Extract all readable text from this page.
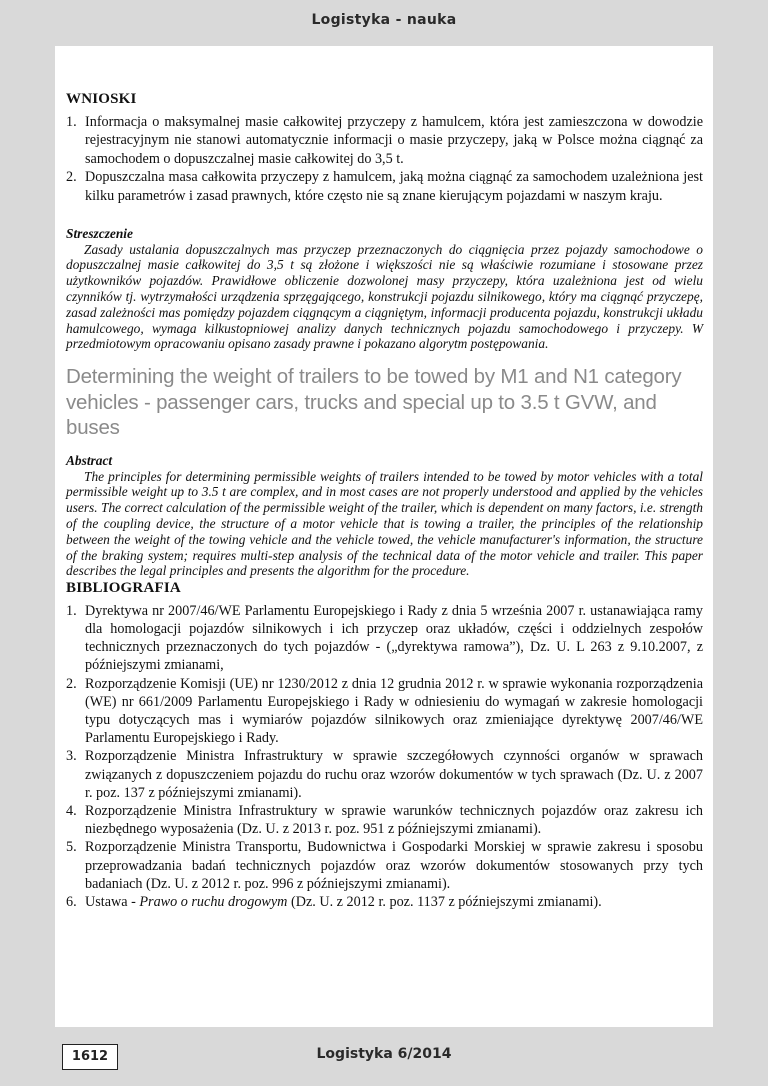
Logistyka - nauka
1612	Logistyka 6/2014
WNIOSKI
1. Informacja o maksymalnej masie całkowitej przyczepy z hamulcem, która jest zamieszczona w dowodzie rejestracyjnym nie stanowi automatycznie informacji o masie przyczepy, jaką w Polsce można ciągnąć za samochodem o dopuszczalnej masie całkowitej do 3,5 t.
2. Dopuszczalna masa całkowita przyczepy z hamulcem, jaką można ciągnąć za samochodem uzależniona jest kilku parametrów i zasad prawnych, które często nie są znane kierującym pojazdami w naszym kraju.
Streszczenie

Zasady ustalania dopuszczalnych mas przyczep przeznaczonych do ciągnięcia przez pojazdy samochodowe o dopuszczalnej masie całkowitej do 3,5 t są złożone i większości nie są właściwie rozumiane i stosowane przez użytkowników pojazdów. Prawidłowe obliczenie dozwolonej masy przyczepy, która uzależniona jest od wielu czynników tj. wytrzymałości urządzenia sprzęgającego, konstrukcji pojazdu silnikowego, który ma ciągnąć przyczepę, zasad zależności mas pomiędzy pojazdem ciągnącym a ciągniętym, informacji producenta pojazdu, konstrukcji układu hamulcowego, wymaga kilkustopniowej analizy danych technicznych pojazdu samochodowego i przyczepy. W przedmiotowym opracowaniu opisano zasady prawne i pokazano algorytm postępowania.

Determining the weight of trailers to be towed by M1 and N1 category vehicles - passenger cars, trucks and special up to 3.5 t GVW, and buses
Abstract

The principles for determining permissible weights of trailers intended to be towed by motor vehicles with a total permissible weight up to 3.5 t are complex, and in most cases are not properly understood and applied by the vehicles users. The correct calculation of the permissible weight of the trailer, which is dependent on many factors, i.e. strength of the coupling device, the structure of a motor vehicle that is towing a trailer, the principles of the relationship between the weight of the towing vehicle and the vehicle towed, the vehicle manufacturer's information, the structure of the braking system; requires multi-step analysis of the technical data of the motor vehicle and trailer. This paper describes the legal principles and presents the algorithm for the procedure.

BIBLIOGRAFIA
1. Dyrektywa nr 2007/46/WE Parlamentu Europejskiego i Rady z dnia 5 września 2007 r. ustanawiająca ramy dla homologacji pojazdów silnikowych i ich przyczep oraz układów, części i oddzielnych zespołów technicznych przeznaczonych do tych pojazdów - („dyrektywa ramowa”), Dz. U. L 263 z 9.10.2007, z późniejszymi zmianami,
2. Rozporządzenie Komisji (UE) nr 1230/2012 z dnia 12 grudnia 2012 r. w sprawie wykonania rozporządzenia (WE) nr 661/2009 Parlamentu Europejskiego i Rady w odniesieniu do wymagań w zakresie homologacji typu dotyczących mas i wymiarów pojazdów silnikowych oraz zmieniające dyrektywę 2007/46/WE Parlamentu Europejskiego i Rady.
3. Rozporządzenie Ministra Infrastruktury w sprawie szczegółowych czynności organów w sprawach związanych z dopuszczeniem pojazdu do ruchu oraz wzorów dokumentów w tych sprawach (Dz. U. z 2007 r. poz. 137 z późniejszymi zmianami).
4. Rozporządzenie Ministra Infrastruktury w sprawie warunków technicznych pojazdów oraz zakresu ich niezbędnego wyposażenia (Dz. U. z 2013 r. poz. 951 z późniejszymi zmianami).
5. Rozporządzenie Ministra Transportu, Budownictwa i Gospodarki Morskiej w sprawie zakresu i sposobu przeprowadzania badań technicznych pojazdów oraz wzorów dokumentów stosowanych przy tych badaniach (Dz. U. z 2012 r. poz. 996 z późniejszymi zmianami).
6. Ustawa - Prawo o ruchu drogowym (Dz. U. z 2012 r. poz. 1137 z późniejszymi zmianami).
